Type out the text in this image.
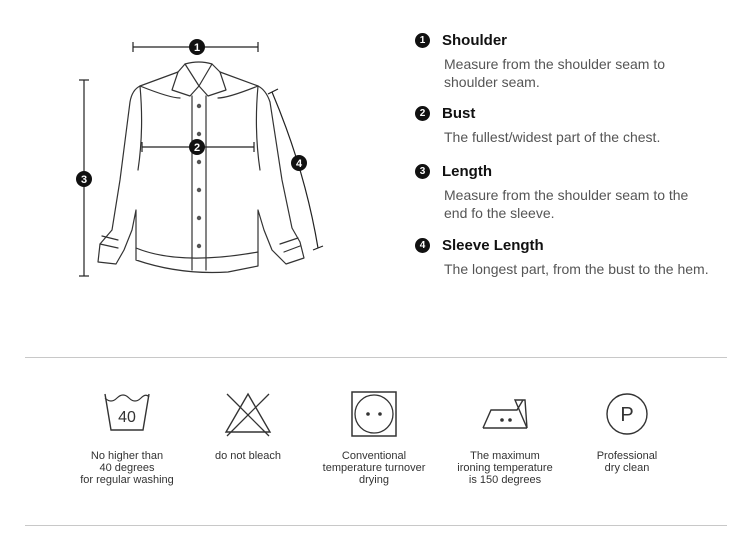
1
2
3
4
1	Shoulder
Measure from the shoulder seam to shoulder seam.
2	Bust
The fullest/widest part of the chest.
3	Length
Measure from the shoulder seam to the end fo the sleeve.
4	Sleeve Length
The longest part, from the bust to the hem.
40
No higher than
40 degrees
for regular washing
do not bleach	Conventional
temperature turnover
drying
The maximum
ironing temperature
is 150 degrees
P
Professional
dry clean
